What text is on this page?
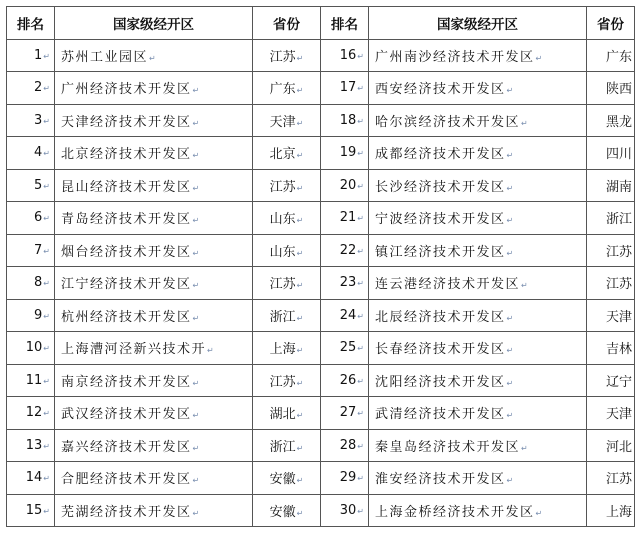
排名	国家级经开区	省份	排名	国家级经开区	省份
1↵	苏州工业园区↵	江苏↵	16↵	广州南沙经济技术开发区↵	广东
2↵	广州经济技术开发区↵	广东↵	17↵	西安经济技术开发区↵	陕西
3↵	天津经济技术开发区↵	天津↵	18↵	哈尔滨经济技术开发区↵	黑龙
4↵	北京经济技术开发区↵	北京↵	19↵	成都经济技术开发区↵	四川
5↵	昆山经济技术开发区↵	江苏↵	20↵	长沙经济技术开发区↵	湖南
6↵	青岛经济技术开发区↵	山东↵	21↵	宁波经济技术开发区↵	浙江
7↵	烟台经济技术开发区↵	山东↵	22↵	镇江经济技术开发区↵	江苏
8↵	江宁经济技术开发区↵	江苏↵	23↵	连云港经济技术开发区↵	江苏
9↵	杭州经济技术开发区↵	浙江↵	24↵	北辰经济技术开发区↵	天津
10↵	上海漕河泾新兴技术开↵	上海↵	25↵	长春经济技术开发区↵	吉林
11↵	南京经济技术开发区↵	江苏↵	26↵	沈阳经济技术开发区↵	辽宁
12↵	武汉经济技术开发区↵	湖北↵	27↵	武清经济技术开发区↵	天津
13↵	嘉兴经济技术开发区↵	浙江↵	28↵	秦皇岛经济技术开发区↵	河北
14↵	合肥经济技术开发区↵	安徽↵	29↵	淮安经济技术开发区↵	江苏
15↵	芜湖经济技术开发区↵	安徽↵	30↵	上海金桥经济技术开发区↵	上海
